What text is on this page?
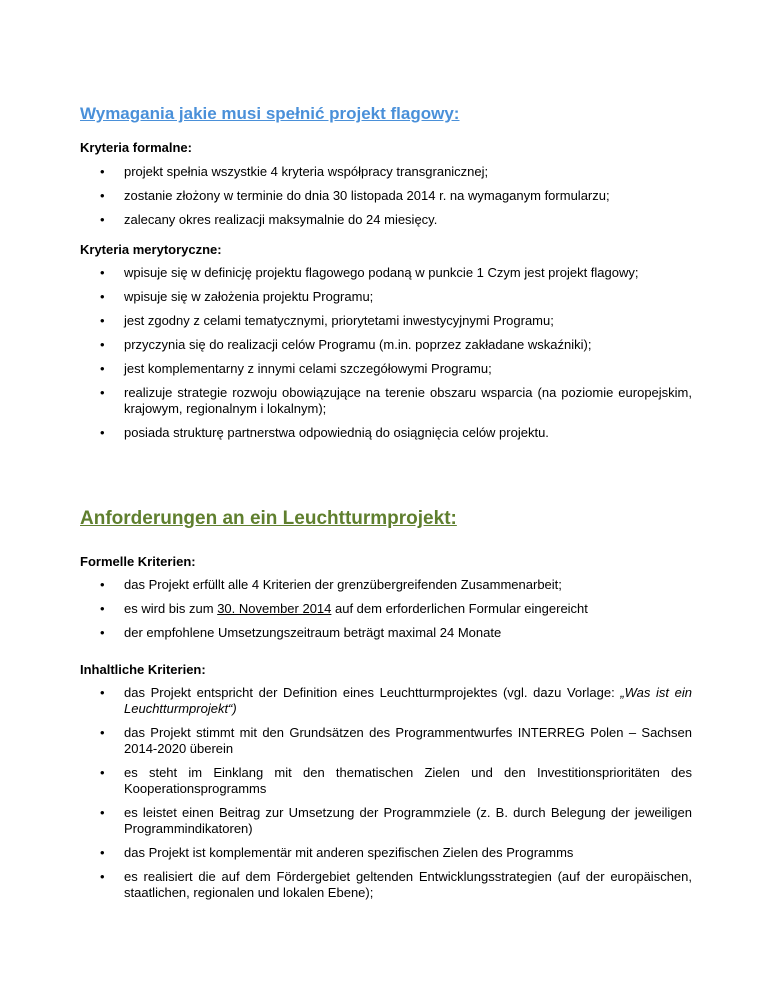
Wymagania jakie musi spełnić projekt flagowy:
Kryteria formalne:
• projekt spełnia wszystkie 4 kryteria współpracy transgranicznej;
• zostanie złożony w terminie do dnia 30 listopada 2014 r. na wymaganym formularzu;
• zalecany okres realizacji maksymalnie do 24 miesięcy.
Kryteria merytoryczne:
• wpisuje się w definicję projektu flagowego podaną w punkcie 1 Czym jest projekt flagowy;
• wpisuje się w założenia projektu Programu;
• jest zgodny z celami tematycznymi, priorytetami inwestycyjnymi Programu;
• przyczynia się do realizacji celów Programu (m.in. poprzez zakładane wskaźniki);
• jest komplementarny z innymi celami szczegółowymi Programu;
• realizuje strategie rozwoju obowiązujące na terenie obszaru wsparcia (na poziomie europejskim, krajowym, regionalnym i lokalnym);
• posiada strukturę partnerstwa odpowiednią do osiągnięcia celów projektu.
Anforderungen an ein Leuchtturmprojekt:
Formelle Kriterien:
• das Projekt erfüllt alle 4 Kriterien der grenzübergreifenden Zusammenarbeit;
• es wird bis zum 30. November 2014 auf dem erforderlichen Formular eingereicht
• der empfohlene Umsetzungszeitraum beträgt maximal 24 Monate
Inhaltliche Kriterien:
• das Projekt entspricht der Definition eines Leuchtturmprojektes (vgl. dazu Vorlage: „Was ist ein Leuchtturmprojekt“)
• das Projekt stimmt mit den Grundsätzen des Programmentwurfes INTERREG Polen – Sachsen 2014-2020 überein
• es steht im Einklang mit den thematischen Zielen und den Investitionsprioritäten des Kooperationsprogramms
• es leistet einen Beitrag zur Umsetzung der Programmziele (z. B. durch Belegung der jeweiligen Programmindikatoren)
• das Projekt ist komplementär mit anderen spezifischen Zielen des Programms
• es realisiert die auf dem Fördergebiet geltenden Entwicklungsstrategien (auf der europäischen, staatlichen, regionalen und lokalen Ebene);
